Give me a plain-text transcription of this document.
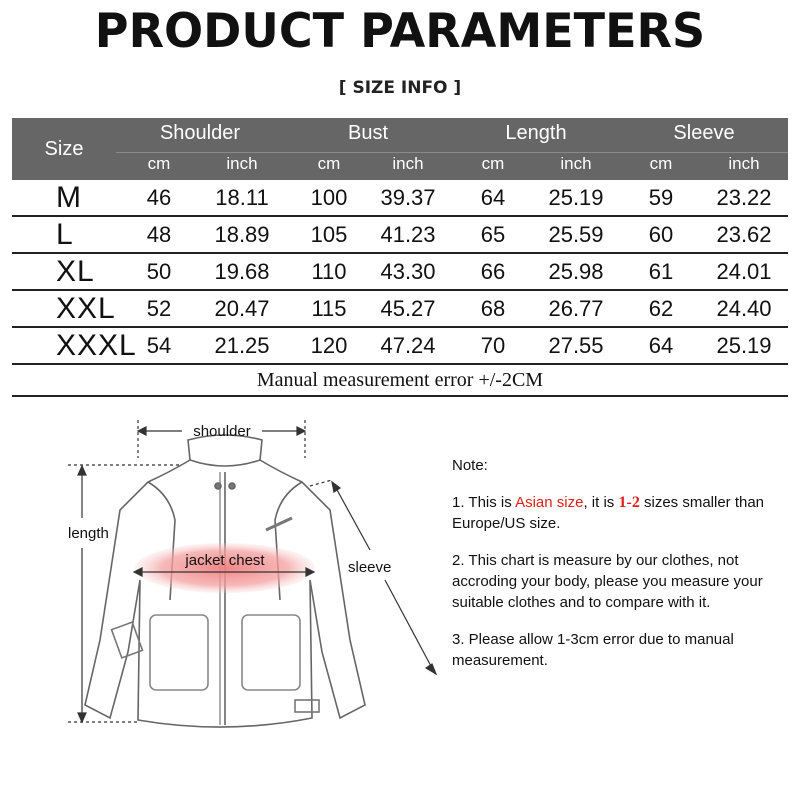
PRODUCT PARAMETERS
[ SIZE INFO ]
Size
Shoulder	Bust	Length	Sleeve
cm	inch	cm	inch	cm	inch	cm	inch
M	46	18.11	100	39.37	64	25.19	59	23.22
L	48	18.89	105	41.23	65	25.59	60	23.62
XL	50	19.68	110	43.30	66	25.98	61	24.01
XXL	52	20.47	115	45.27	68	26.77	62	24.40
XXXL 54	21.25	120	47.24	70	27.55	64	25.19
Manual measurement error +/-2CM
shoulder
length
jacket chest	sleeve

Note:

1. This is Asian size, it is 1-2 sizes smaller than Europe/US size.

2. This chart is measure by our clothes, not accroding your body, please you measure your suitable clothes and to compare with it.

3. Please allow 1-3cm error due to manual measurement.
